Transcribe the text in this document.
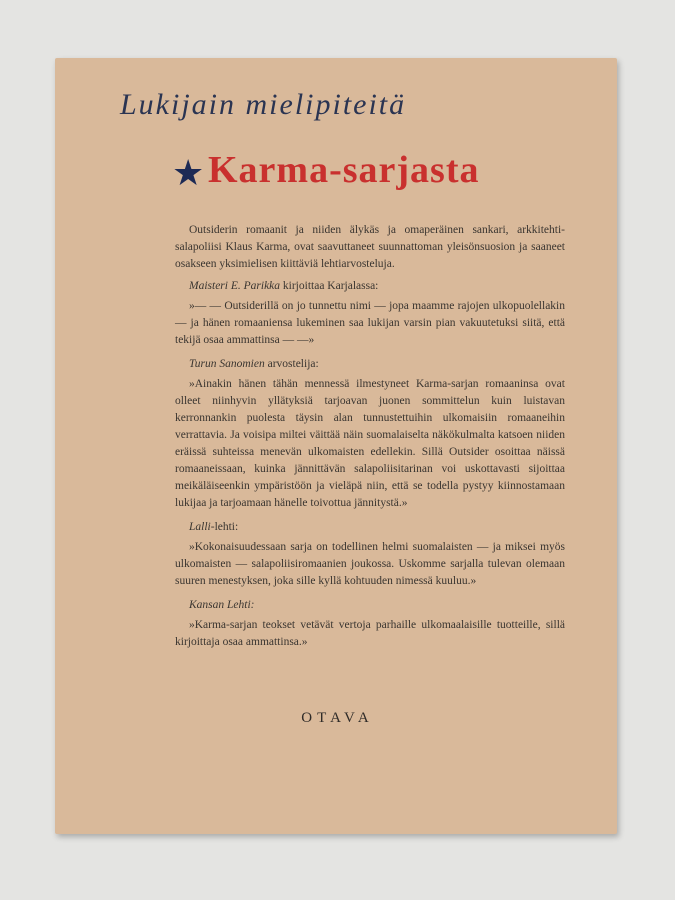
Lukijain mielipiteitä
★ Karma-sarjasta

Outsiderin romaanit ja niiden älykäs ja omaperäinen sankari, arkkitehti-salapoliisi Klaus Karma, ovat saavuttaneet suunnattoman yleisönsuosion ja saaneet osakseen yksimielisen kiittäviä lehtiarvosteluja.

Maisteri E. Parikka kirjoittaa Karjalassa:

»— — Outsiderillä on jo tunnettu nimi — jopa maamme rajojen ulkopuolellakin — ja hänen romaaniensa lukeminen saa lukijan varsin pian vakuutetuksi siitä, että tekijä osaa ammattinsa — —»

Turun Sanomien arvostelija:

»Ainakin hänen tähän mennessä ilmestyneet Karma-sarjan romaaninsa ovat olleet niinhyvin yllätyksiä tarjoavan juonen sommittelun kuin luistavan kerronnankin puolesta täysin alan tunnustettuihin ulkomaisiin romaaneihin verrattavia. Ja voisipa miltei väittää näin suomalaiselta näkökulmalta katsoen niiden eräissä suhteissa menevän ulkomaisten edellekin. Sillä Outsider osoittaa näissä romaaneissaan, kuinka jännittävän salapoliisitarinan voi uskottavasti sijoittaa meikäläiseenkin ympäristöön ja vieläpä niin, että se todella pystyy kiinnostamaan lukijaa ja tarjoamaan hänelle toivottua jännitystä.»

Lalli-lehti:

»Kokonaisuudessaan sarja on todellinen helmi suomalaisten — ja miksei myös ulkomaisten — salapoliisiromaanien joukossa. Uskomme sarjalla tulevan olemaan suuren menestyksen, joka sille kyllä kohtuuden nimessä kuuluu.»

Kansan Lehti:

»Karma-sarjan teokset vetävät vertoja parhaille ulkomaalaisille tuotteille, sillä kirjoittaja osaa ammattinsa.»

OTAVA
